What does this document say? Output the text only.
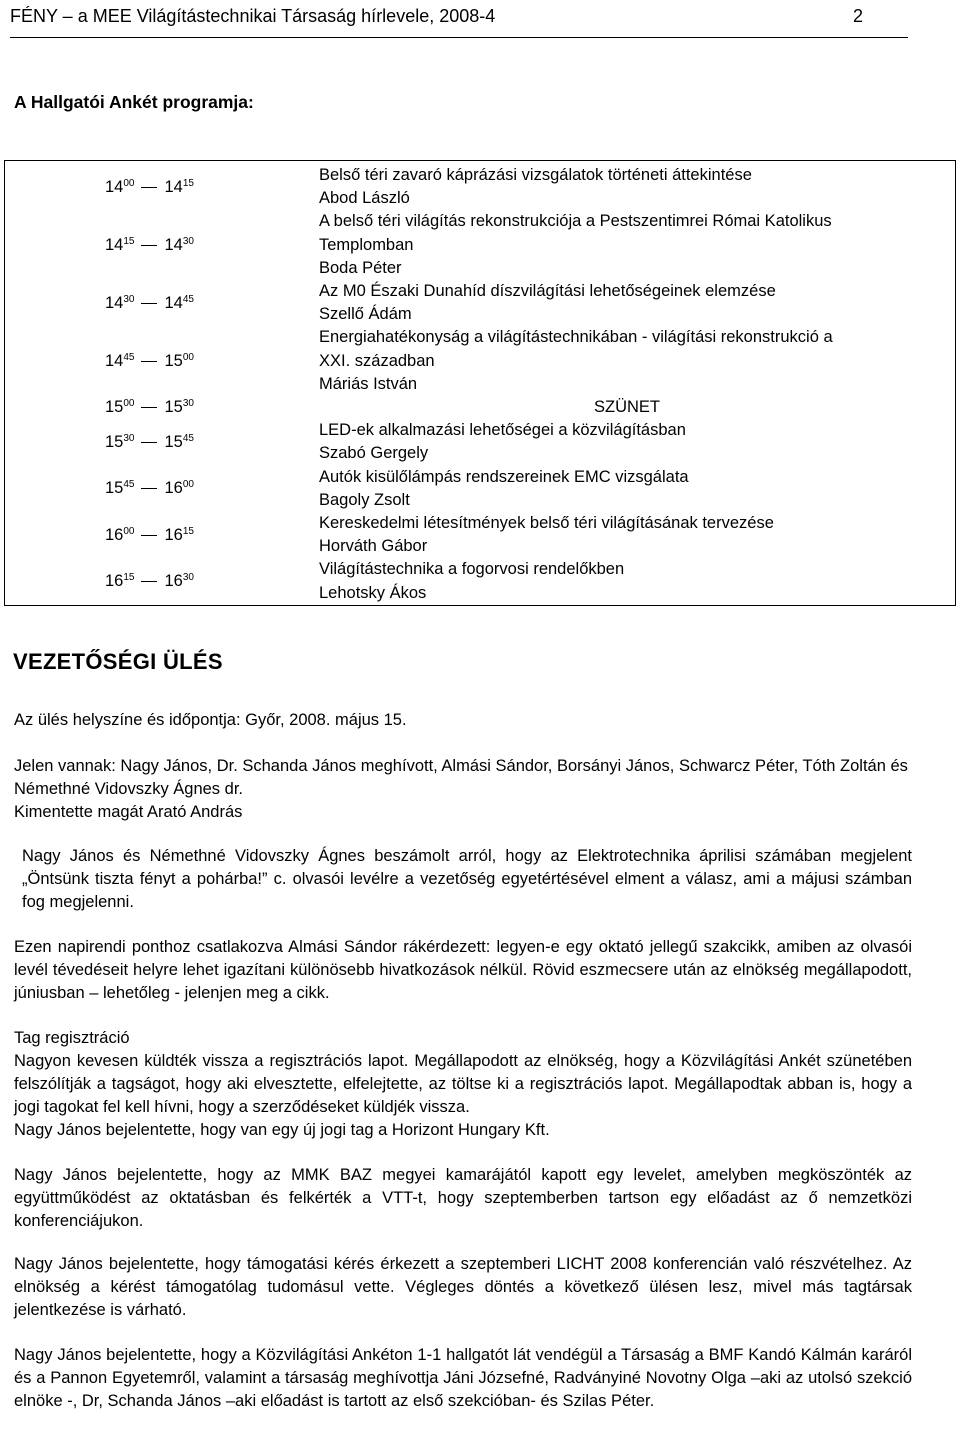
FÉNY – a MEE Világítástechnikai Társaság hírlevele, 2008-4	2
A Hallgatói Ankét programja:
$14^{00}$ $14^{15}$	Belső téri zavaró káprázási vizsgálatok történeti áttekintése
Abod László

$14^{15}$ $14^{30}$	A belső téri világítás rekonstrukciója a Pestszentimrei Római Katolikus
Templomban
Boda Péter

$14^{30}$ $14^{45}$	Az M0 Északi Dunahíd díszvilágítási lehetőségeinek elemzése
Szellő Ádám

$14^{45}$ $15^{00}$	Energiahatékonyság a világítástechnikában - világítási rekonstrukció a
XXI. században
Máriás István

$15^{00}$ $15^{30}$	SZÜNET

$15^{30}$ $15^{45}$	LED-ek alkalmazási lehetőségei a közvilágításban
Szabó Gergely

$15^{45}$ $16^{00}$	Autók kisülőlámpás rendszereinek EMC vizsgálata
Bagoly Zsolt

$16^{00}$ $16^{15}$	Kereskedelmi létesítmények belső téri világításának tervezése
Horváth Gábor

$16^{15}$ $16^{30}$	Világítástechnika a fogorvosi rendelőkben
Lehotsky Ákos
VEZETŐSÉGI ÜLÉS

Az ülés helyszíne és időpontja: Győr, 2008. május 15.

Jelen vannak: Nagy János, Dr. Schanda János meghívott, Almási Sándor, Borsányi János, Schwarcz Péter, Tóth Zoltán és Némethné Vidovszky Ágnes dr.

Kimentette magát Arató András

Nagy János és Némethné Vidovszky Ágnes beszámolt arról, hogy az Elektrotechnika áprilisi számában megjelent „Öntsünk tiszta fényt a pohárba!” c. olvasói levélre a vezetőség egyetértésével elment a válasz, ami a májusi számban fog megjelenni.

Ezen napirendi ponthoz csatlakozva Almási Sándor rákérdezett: legyen-e egy oktató jellegű szakcikk, amiben az olvasói levél tévedéseit helyre lehet igazítani különösebb hivatkozások nélkül. Rövid eszmecsere után az elnökség megállapodott, júniusban – lehetőleg - jelenjen meg a cikk.

Tag regisztráció

Nagyon kevesen küldték vissza a regisztrációs lapot. Megállapodott az elnökség, hogy a Közvilágítási Ankét szünetében felszólítják a tagságot, hogy aki elvesztette, elfelejtette, az töltse ki a regisztrációs lapot. Megállapodtak abban is, hogy a jogi tagokat fel kell hívni, hogy a szerződéseket küldjék vissza.

Nagy János bejelentette, hogy van egy új jogi tag a Horizont Hungary Kft.

Nagy János bejelentette, hogy az MMK BAZ megyei kamarájától kapott egy levelet, amelyben megköszönték az együttműködést az oktatásban és felkérték a VTT-t, hogy szeptemberben tartson egy előadást az ő nemzetközi konferenciájukon.

Nagy János bejelentette, hogy támogatási kérés érkezett a szeptemberi LICHT 2008 konferencián való részvételhez. Az elnökség a kérést támogatólag tudomásul vette. Végleges döntés a következő ülésen lesz, mivel más tagtársak jelentkezése is várható.

Nagy János bejelentette, hogy a Közvilágítási Ankéton 1-1 hallgatót lát vendégül a Társaság a BMF Kandó Kálmán karáról és a Pannon Egyetemről, valamint a társaság meghívottja Jáni Józsefné, Radványiné Novotny Olga –aki az utolsó szekció elnöke -, Dr, Schanda János –aki előadást is tartott az első szekcióban- és Szilas Péter.
